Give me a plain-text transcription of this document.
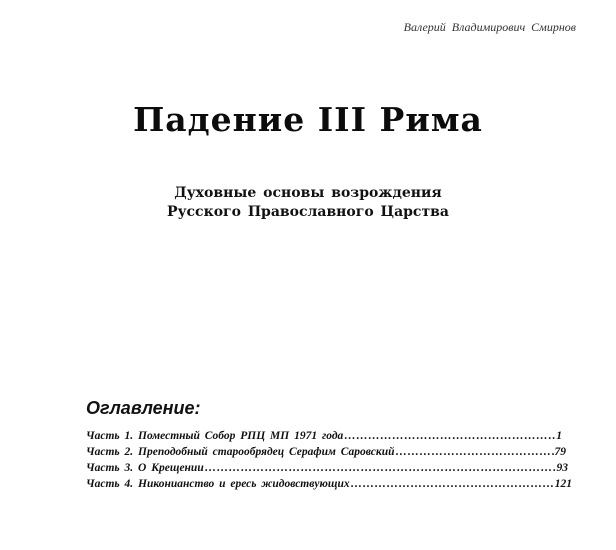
Валерий Владимирович Смирнов
Падение III Рима
Духовные основы возрождения
Русского Православного Царства
Оглавление:
Часть 1. Поместный Собор РПЦ МП 1971 года ………………………………………………………………………………………………………………………………………………	1
Часть 2. Преподобный старообрядец Серафим Саровский ………………………………………………………………………………………………………………………………………………	79
Часть 3. О Крещении ………………………………………………………………………………………………………………………………………………	93
Часть 4. Никонианство и ересь жидовствующих ………………………………………………………………………………………………………………………………………………	121
